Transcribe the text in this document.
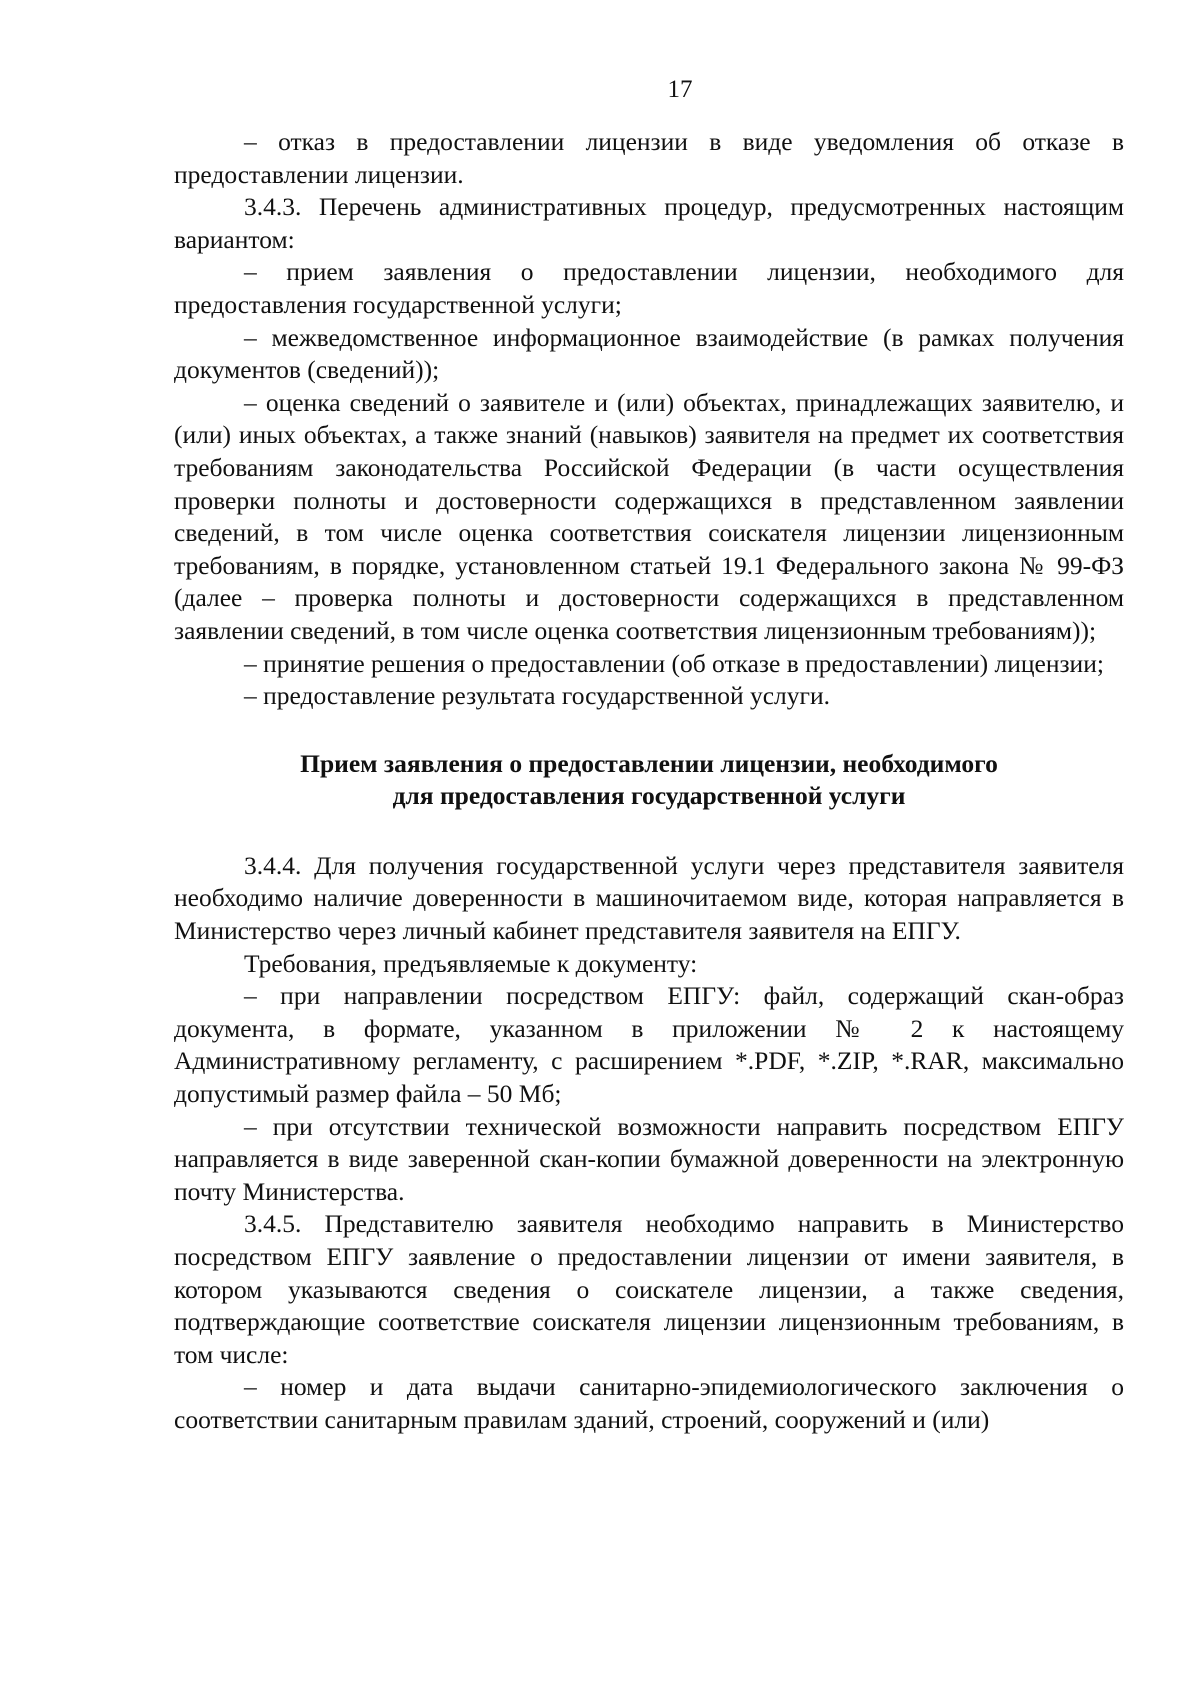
17

– отказ в предоставлении лицензии в виде уведомления об отказе в предоставлении лицензии.

3.4.3. Перечень административных процедур, предусмотренных настоящим вариантом:

– прием заявления о предоставлении лицензии, необходимого для предоставления государственной услуги;

– межведомственное информационное взаимодействие (в рамках получения документов (сведений));

– оценка сведений о заявителе и (или) объектах, принадлежащих заявителю, и (или) иных объектах, а также знаний (навыков) заявителя на предмет их соответствия требованиям законодательства Российской Федерации (в части осуществления проверки полноты и достоверности содержащихся в представленном заявлении сведений, в том числе оценка соответствия соискателя лицензии лицензионным требованиям, в порядке, установленном статьей 19.1 Федерального закона № 99-ФЗ (далее – проверка полноты и достоверности содержащихся в представленном заявлении сведений, в том числе оценка соответствия лицензионным требованиям));

– принятие решения о предоставлении (об отказе в предоставлении) лицензии;

– предоставление результата государственной услуги.

Прием заявления о предоставлении лицензии, необходимого
для предоставления государственной услуги

3.4.4. Для получения государственной услуги через представителя заявителя необходимо наличие доверенности в машиночитаемом виде, которая направляется в Министерство через личный кабинет представителя заявителя на ЕПГУ.

Требования, предъявляемые к документу:

– при направлении посредством ЕПГУ: файл, содержащий скан-образ документа, в формате, указанном в приложении № 2 к настоящему Административному регламенту, с расширением *.PDF, *.ZIP, *.RAR, максимально допустимый размер файла – 50 Мб;

– при отсутствии технической возможности направить посредством ЕПГУ направляется в виде заверенной скан-копии бумажной доверенности на электронную почту Министерства.

3.4.5. Представителю заявителя необходимо направить в Министерство посредством ЕПГУ заявление о предоставлении лицензии от имени заявителя, в котором указываются сведения о соискателе лицензии, а также сведения, подтверждающие соответствие соискателя лицензии лицензионным требованиям, в том числе:

– номер и дата выдачи санитарно-эпидемиологического заключения о соответствии санитарным правилам зданий, строений, сооружений и (или)
